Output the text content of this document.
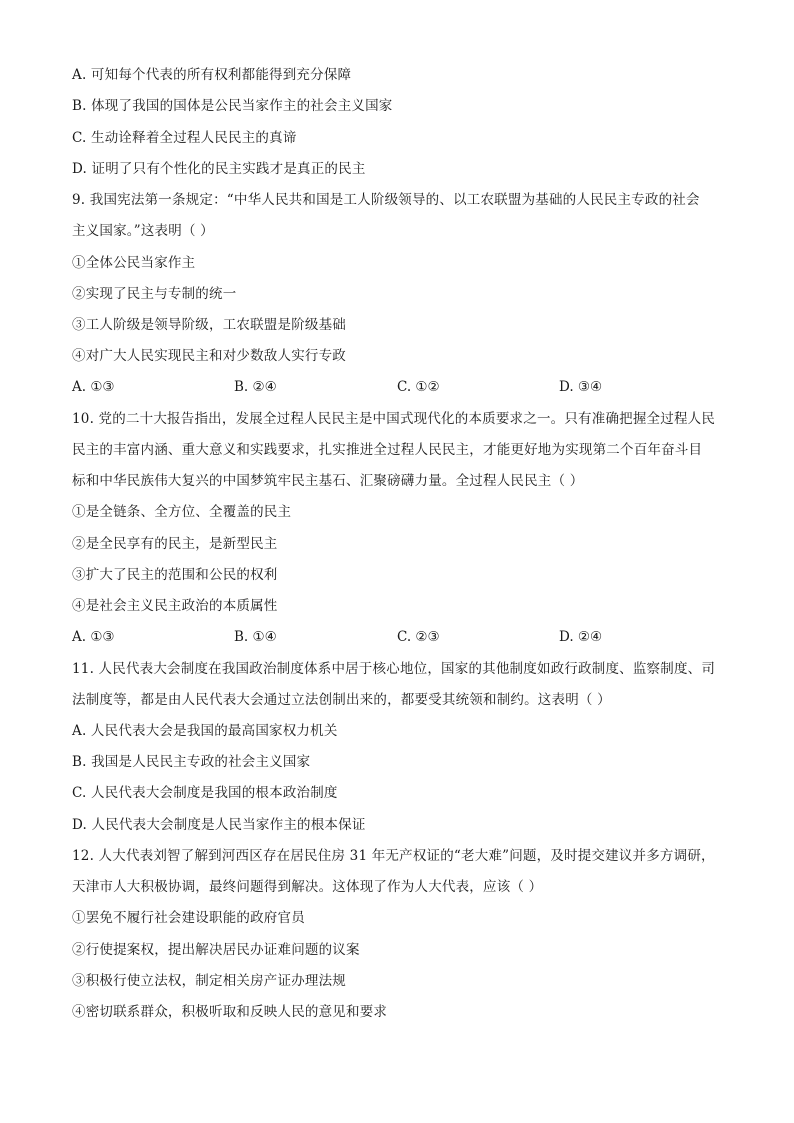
A. 可知每个代表的所有权利都能得到充分保障
B. 体现了我国的国体是公民当家作主的社会主义国家
C. 生动诠释着全过程人民民主的真谛
D. 证明了只有个性化的民主实践才是真正的民主
9. 我国宪法第一条规定：“中华人民共和国是工人阶级领导的、以工农联盟为基础的人民民主专政的社会
主义国家。”这表明（ ）
①全体公民当家作主
②实现了民主与专制的统一
③工人阶级是领导阶级，工农联盟是阶级基础
④对广大人民实现民主和对少数敌人实行专政
A. ①③	B. ②④	C. ①②	D. ③④
10. 党的二十大报告指出，发展全过程人民民主是中国式现代化的本质要求之一。只有准确把握全过程人民
民主的丰富内涵、重大意义和实践要求，扎实推进全过程人民民主，才能更好地为实现第二个百年奋斗目
标和中华民族伟大复兴的中国梦筑牢民主基石、汇聚磅礴力量。全过程人民民主（ ）
①是全链条、全方位、全覆盖的民主
②是全民享有的民主，是新型民主
③扩大了民主的范围和公民的权利
④是社会主义民主政治的本质属性
A. ①③	B. ①④	C. ②③	D. ②④
11. 人民代表大会制度在我国政治制度体系中居于核心地位，国家的其他制度如政行政制度、监察制度、司
法制度等，都是由人民代表大会通过立法创制出来的，都要受其统领和制约。这表明（ ）
A. 人民代表大会是我国的最高国家权力机关
B. 我国是人民民主专政的社会主义国家
C. 人民代表大会制度是我国的根本政治制度
D. 人民代表大会制度是人民当家作主的根本保证
12. 人大代表刘智了解到河西区存在居民住房 31 年无产权证的“老大难”问题，及时提交建议并多方调研，
天津市人大积极协调，最终问题得到解决。这体现了作为人大代表，应该（ ）
①罢免不履行社会建设职能的政府官员
②行使提案权，提出解决居民办证难问题的议案
③积极行使立法权，制定相关房产证办理法规
④密切联系群众，积极听取和反映人民的意见和要求
